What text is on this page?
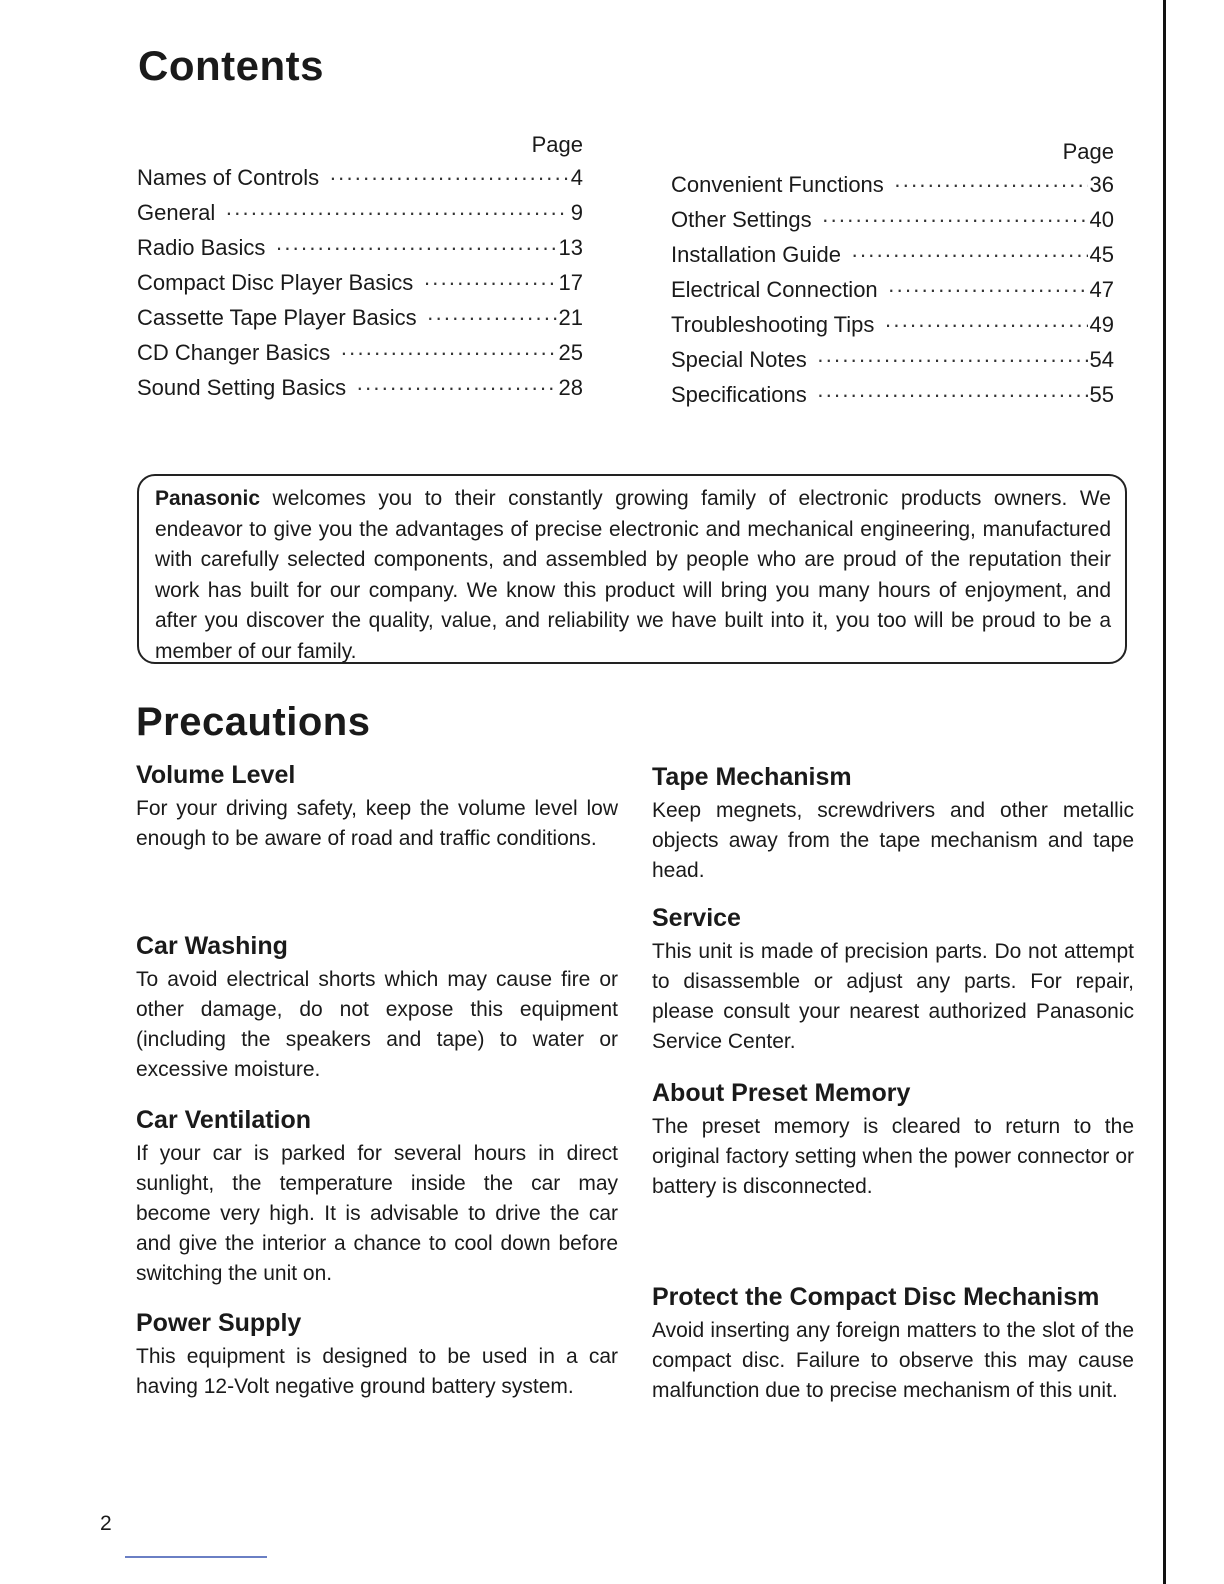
Contents
Page
Names of Controls ·····	4
General ·····	9
Radio Basics ·····	13
Compact Disc Player Basics ·····	17
Cassette Tape Player Basics ·····	21
CD Changer Basics ·····	25
Sound Setting Basics ·····	28
Page
Convenient Functions ·····	36
Other Settings ·····	40
Installation Guide ·····	45
Electrical Connection ·····	47
Troubleshooting Tips ·····	49
Special Notes ·····	54
Specifications ·····	55
Panasonic welcomes you to their constantly growing family of electronic products owners. We endeavor to give you the advantages of precise electronic and mechanical engineering, manufactured with carefully selected components, and assembled by people who are proud of the reputation their work has built for our company. We know this product will bring you many hours of enjoyment, and after you discover the quality, value, and reliability we have built into it, you too will be proud to be a member of our family.
Precautions
Volume Level

For your driving safety, keep the volume level low enough to be aware of road and traffic conditions.

Car Washing

To avoid electrical shorts which may cause fire or other damage, do not expose this equipment (including the speakers and tape) to water or excessive moisture.

Car Ventilation

If your car is parked for several hours in direct sunlight, the temperature inside the car may become very high. It is advisable to drive the car and give the interior a chance to cool down before switching the unit on.

Power Supply

This equipment is designed to be used in a car having 12-Volt negative ground battery system.

Tape Mechanism

Keep megnets, screwdrivers and other metallic objects away from the tape mechanism and tape head.

Service

This unit is made of precision parts. Do not attempt to disassemble or adjust any parts. For repair, please consult your nearest authorized Panasonic Service Center.

About Preset Memory

The preset memory is cleared to return to the original factory setting when the power connector or battery is disconnected.

Protect the Compact Disc Mechanism

Avoid inserting any foreign matters to the slot of the compact disc. Failure to observe this may cause malfunction due to precise mechanism of this unit.

2
